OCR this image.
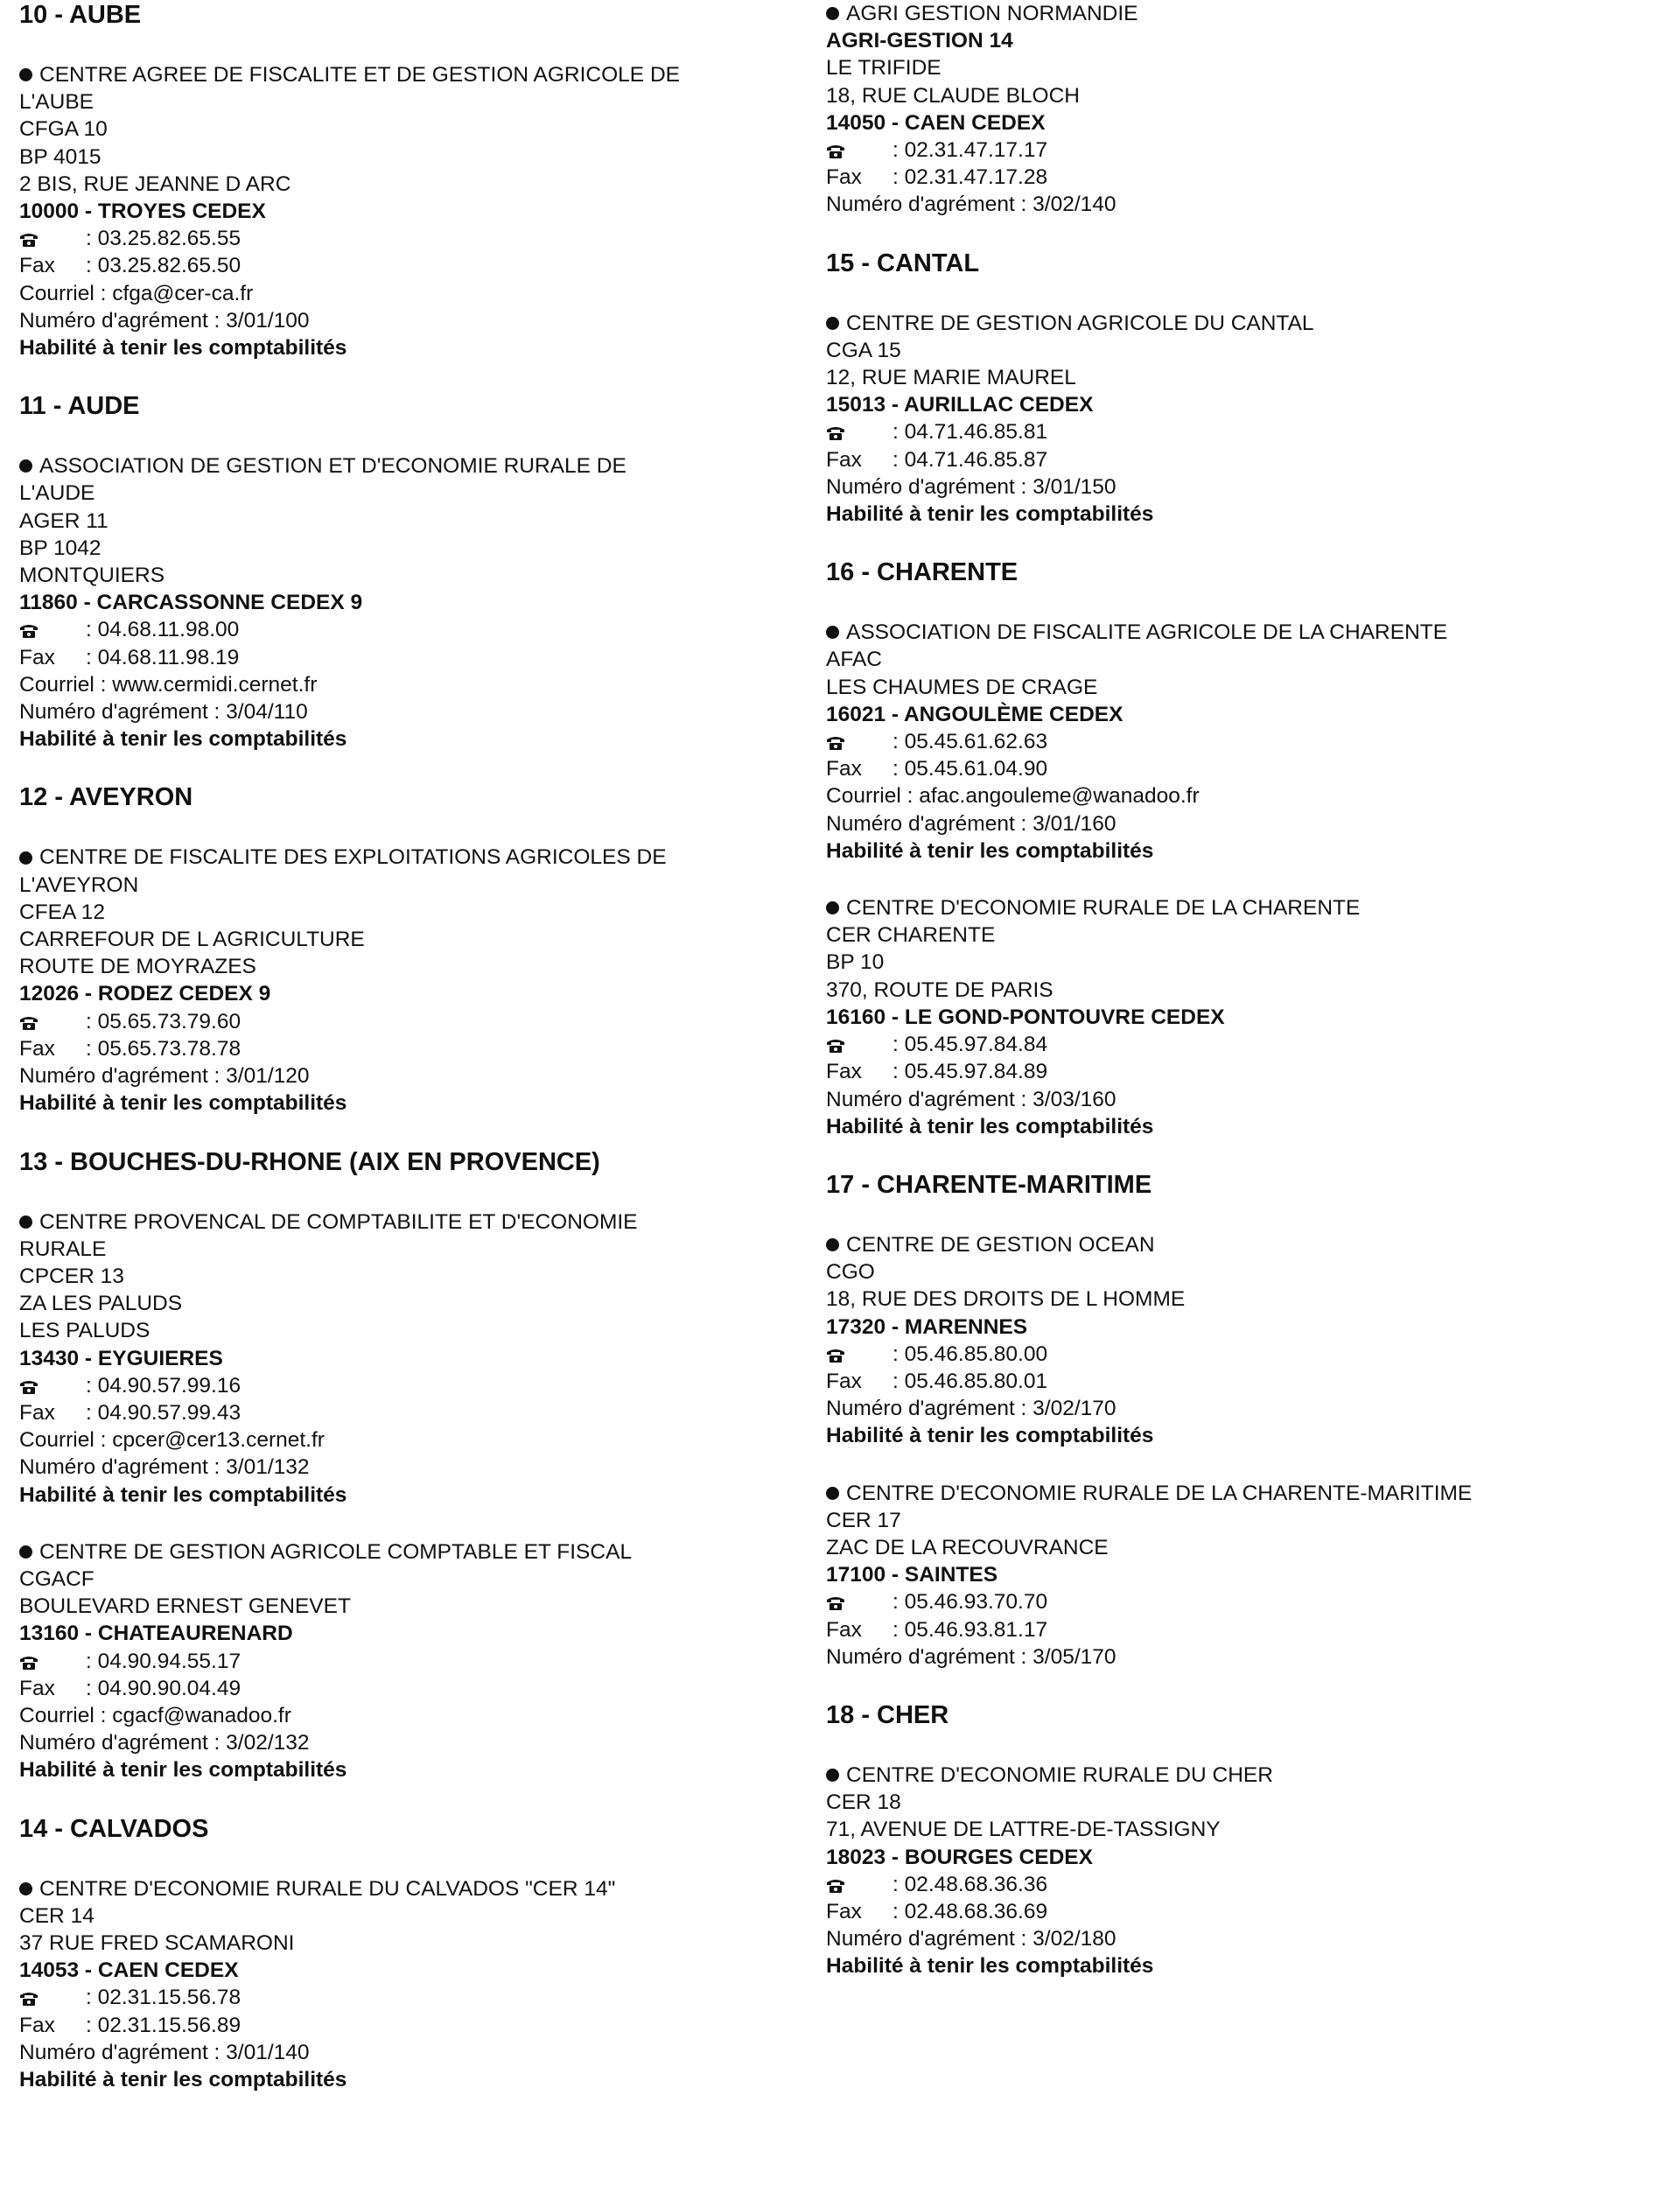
10 - AUBE
CENTRE AGREE DE FISCALITE ET DE GESTION AGRICOLE DE
L'AUBE
CFGA 10
BP 4015
2 BIS, RUE JEANNE D ARC
10000 - TROYES CEDEX
: 03.25.82.65.55
Fax : 03.25.82.65.50
Courriel : cfga@cer-ca.fr
Numéro d'agrément : 3/01/100
Habilité à tenir les comptabilités
11 - AUDE
ASSOCIATION DE GESTION ET D'ECONOMIE RURALE DE
L'AUDE
AGER 11
BP 1042
MONTQUIERS
11860 - CARCASSONNE CEDEX 9
: 04.68.11.98.00
Fax : 04.68.11.98.19
Courriel : www.cermidi.cernet.fr
Numéro d'agrément : 3/04/110
Habilité à tenir les comptabilités
12 - AVEYRON
CENTRE DE FISCALITE DES EXPLOITATIONS AGRICOLES DE
L'AVEYRON
CFEA 12
CARREFOUR DE L AGRICULTURE
ROUTE DE MOYRAZES
12026 - RODEZ CEDEX 9
: 05.65.73.79.60
Fax : 05.65.73.78.78
Numéro d'agrément : 3/01/120
Habilité à tenir les comptabilités
13 - BOUCHES-DU-RHONE (AIX EN PROVENCE)
CENTRE PROVENCAL DE COMPTABILITE ET D'ECONOMIE
RURALE
CPCER 13
ZA LES PALUDS
LES PALUDS
13430 - EYGUIERES
: 04.90.57.99.16
Fax : 04.90.57.99.43
Courriel : cpcer@cer13.cernet.fr
Numéro d'agrément : 3/01/132
Habilité à tenir les comptabilités
CENTRE DE GESTION AGRICOLE COMPTABLE ET FISCAL
CGACF
BOULEVARD ERNEST GENEVET
13160 - CHATEAURENARD
: 04.90.94.55.17
Fax : 04.90.90.04.49
Courriel : cgacf@wanadoo.fr
Numéro d'agrément : 3/02/132
Habilité à tenir les comptabilités
14 - CALVADOS
CENTRE D'ECONOMIE RURALE DU CALVADOS "CER 14"
CER 14
37 RUE FRED SCAMARONI
14053 - CAEN CEDEX
: 02.31.15.56.78
Fax : 02.31.15.56.89
Numéro d'agrément : 3/01/140
Habilité à tenir les comptabilités
AGRI GESTION NORMANDIE
AGRI-GESTION 14
LE TRIFIDE
18, RUE CLAUDE BLOCH
14050 - CAEN CEDEX
: 02.31.47.17.17
Fax : 02.31.47.17.28
Numéro d'agrément : 3/02/140
15 - CANTAL
CENTRE DE GESTION AGRICOLE DU CANTAL
CGA 15
12, RUE MARIE MAUREL
15013 - AURILLAC CEDEX
: 04.71.46.85.81
Fax : 04.71.46.85.87
Numéro d'agrément : 3/01/150
Habilité à tenir les comptabilités
16 - CHARENTE
ASSOCIATION DE FISCALITE AGRICOLE DE LA CHARENTE
AFAC
LES CHAUMES DE CRAGE
16021 - ANGOULÈME CEDEX
: 05.45.61.62.63
Fax : 05.45.61.04.90
Courriel : afac.angouleme@wanadoo.fr
Numéro d'agrément : 3/01/160
Habilité à tenir les comptabilités
CENTRE D'ECONOMIE RURALE DE LA CHARENTE
CER CHARENTE
BP 10
370, ROUTE DE PARIS
16160 - LE GOND-PONTOUVRE CEDEX
: 05.45.97.84.84
Fax : 05.45.97.84.89
Numéro d'agrément : 3/03/160
Habilité à tenir les comptabilités
17 - CHARENTE-MARITIME
CENTRE DE GESTION OCEAN
CGO
18, RUE DES DROITS DE L HOMME
17320 - MARENNES
: 05.46.85.80.00
Fax : 05.46.85.80.01
Numéro d'agrément : 3/02/170
Habilité à tenir les comptabilités
CENTRE D'ECONOMIE RURALE DE LA CHARENTE-MARITIME
CER 17
ZAC DE LA RECOUVRANCE
17100 - SAINTES
: 05.46.93.70.70
Fax : 05.46.93.81.17
Numéro d'agrément : 3/05/170
18 - CHER
CENTRE D'ECONOMIE RURALE DU CHER
CER 18
71, AVENUE DE LATTRE-DE-TASSIGNY
18023 - BOURGES CEDEX
: 02.48.68.36.36
Fax : 02.48.68.36.69
Numéro d'agrément : 3/02/180
Habilité à tenir les comptabilités
